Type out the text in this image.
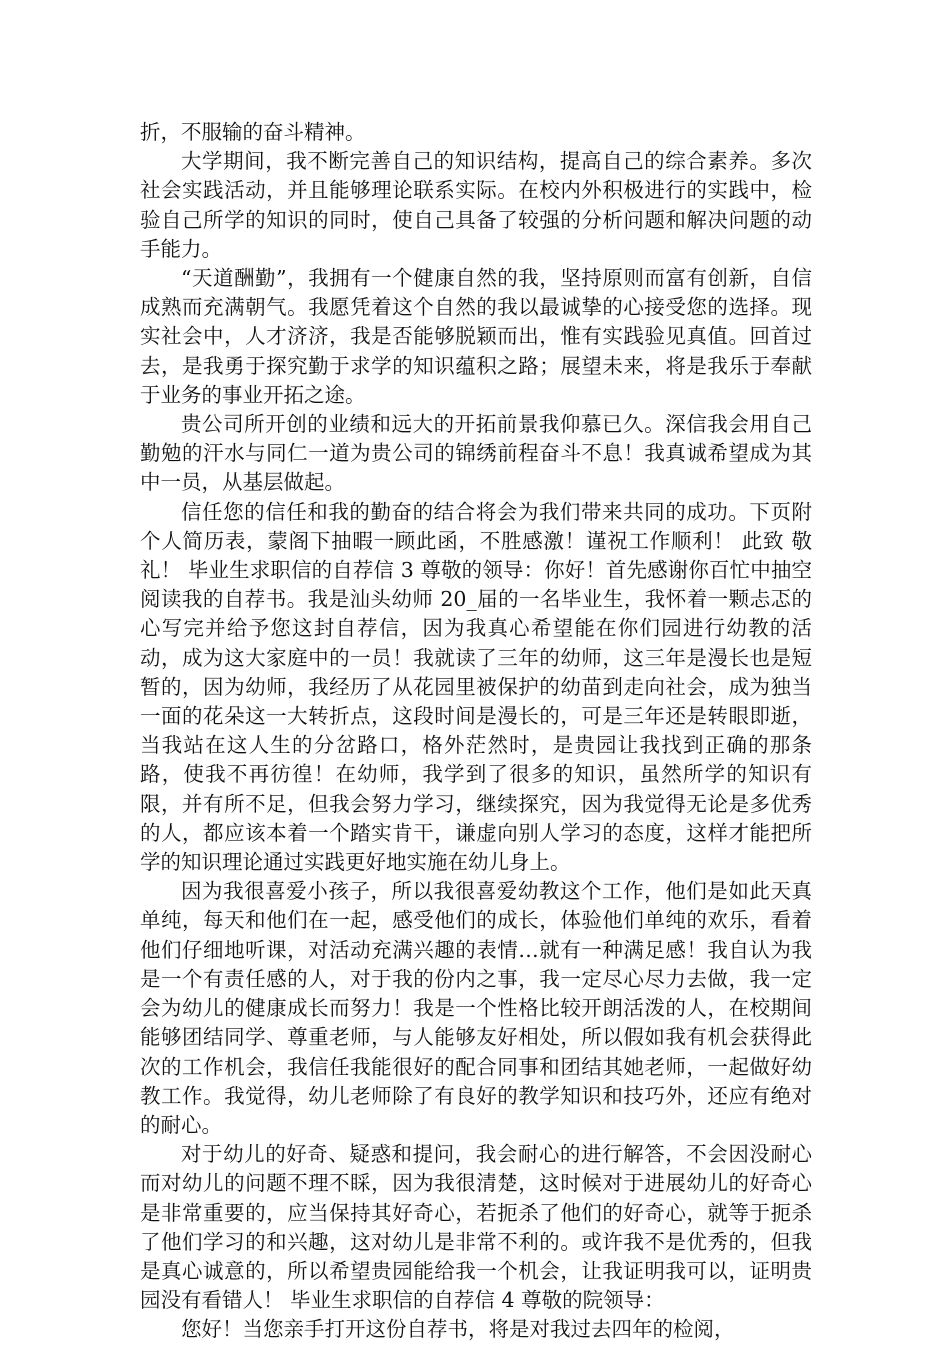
折，不服输的奋斗精神。

大学期间，我不断完善自己的知识结构，提高自己的综合素养。多次社会实践活动，并且能够理论联系实际。在校内外积极进行的实践中，检验自己所学的知识的同时，使自己具备了较强的分析问题和解决问题的动手能力。

“天道酬勤”，我拥有一个健康自然的我，坚持原则而富有创新，自信成熟而充满朝气。我愿凭着这个自然的我以最诚挚的心接受您的选择。现实社会中，人才济济，我是否能够脱颖而出，惟有实践验见真值。回首过去，是我勇于探究勤于求学的知识蕴积之路；展望未来，将是我乐于奉献于业务的事业开拓之途。

贵公司所开创的业绩和远大的开拓前景我仰慕已久。深信我会用自己勤勉的汗水与同仁一道为贵公司的锦绣前程奋斗不息！我真诚希望成为其中一员，从基层做起。

信任您的信任和我的勤奋的结合将会为我们带来共同的成功。下页附个人简历表，蒙阁下抽暇一顾此函，不胜感激！谨祝工作顺利！ 此致 敬礼！ 毕业生求职信的自荐信 3 尊敬的领导：你好！首先感谢你百忙中抽空阅读我的自荐书。我是汕头幼师 20_届的一名毕业生，我怀着一颗忐忑的心写完并给予您这封自荐信，因为我真心希望能在你们园进行幼教的活动，成为这大家庭中的一员！我就读了三年的幼师，这三年是漫长也是短暂的，因为幼师，我经历了从花园里被保护的幼苗到走向社会，成为独当一面的花朵这一大转折点，这段时间是漫长的，可是三年还是转眼即逝，当我站在这人生的分岔路口，格外茫然时，是贵园让我找到正确的那条路，使我不再彷徨！在幼师，我学到了很多的知识，虽然所学的知识有限，并有所不足，但我会努力学习，继续探究，因为我觉得无论是多优秀的人，都应该本着一个踏实肯干，谦虚向别人学习的态度，这样才能把所学的知识理论通过实践更好地实施在幼儿身上。

因为我很喜爱小孩子，所以我很喜爱幼教这个工作，他们是如此天真单纯，每天和他们在一起，感受他们的成长，体验他们单纯的欢乐，看着他们仔细地听课，对活动充满兴趣的表情…就有一种满足感！我自认为我是一个有责任感的人，对于我的份内之事，我一定尽心尽力去做，我一定会为幼儿的健康成长而努力！我是一个性格比较开朗活泼的人，在校期间能够团结同学、尊重老师，与人能够友好相处，所以假如我有机会获得此次的工作机会，我信任我能很好的配合同事和团结其她老师，一起做好幼教工作。我觉得，幼儿老师除了有良好的教学知识和技巧外，还应有绝对的耐心。

对于幼儿的好奇、疑惑和提问，我会耐心的进行解答，不会因没耐心而对幼儿的问题不理不睬，因为我很清楚，这时候对于进展幼儿的好奇心是非常重要的，应当保持其好奇心，若扼杀了他们的好奇心，就等于扼杀了他们学习的和兴趣，这对幼儿是非常不利的。或许我不是优秀的，但我是真心诚意的，所以希望贵园能给我一个机会，让我证明我可以，证明贵园没有看错人！ 毕业生求职信的自荐信 4 尊敬的院领导：

您好！当您亲手打开这份自荐书，将是对我过去四年的检阅，
